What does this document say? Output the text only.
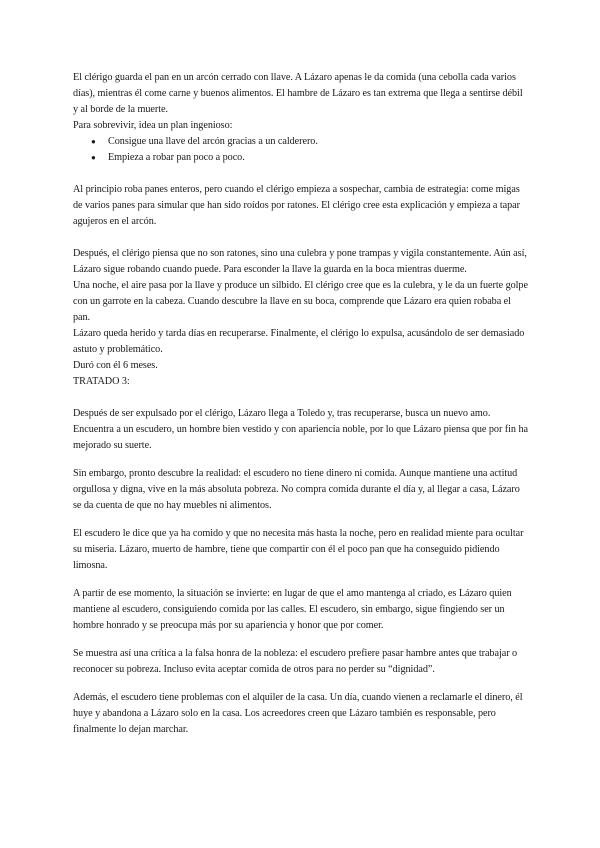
El clérigo guarda el pan en un arcón cerrado con llave. A Lázaro apenas le da comida (una cebolla cada varios días), mientras él come carne y buenos alimentos. El hambre de Lázaro es tan extrema que llega a sentirse débil y al borde de la muerte.

Para sobrevivir, idea un plan ingenioso:

● Consigue una llave del arcón gracias a un calderero.
● Empieza a robar pan poco a poco.

Al principio roba panes enteros, pero cuando el clérigo empieza a sospechar, cambia de estrategia: come migas de varios panes para simular que han sido roídos por ratones. El clérigo cree esta explicación y empieza a tapar agujeros en el arcón.

Después, el clérigo piensa que no son ratones, sino una culebra y pone trampas y vigila constantemente. Aún así, Lázaro sigue robando cuando puede. Para esconder la llave la guarda en la boca mientras duerme.

Una noche, el aire pasa por la llave y produce un silbido. El clérigo cree que es la culebra, y le da un fuerte golpe con un garrote en la cabeza. Cuando descubre la llave en su boca, comprende que Lázaro era quien robaba el pan.

Lázaro queda herido y tarda días en recuperarse. Finalmente, el clérigo lo expulsa, acusándolo de ser demasiado astuto y problemático.

Duró con él 6 meses.

TRATADO 3:

Después de ser expulsado por el clérigo, Lázaro llega a Toledo y, tras recuperarse, busca un nuevo amo. Encuentra a un escudero, un hombre bien vestido y con apariencia noble, por lo que Lázaro piensa que por fin ha mejorado su suerte.

Sin embargo, pronto descubre la realidad: el escudero no tiene dinero ni comida. Aunque mantiene una actitud orgullosa y digna, vive en la más absoluta pobreza. No compra comida durante el día y, al llegar a casa, Lázaro se da cuenta de que no hay muebles ni alimentos.

El escudero le dice que ya ha comido y que no necesita más hasta la noche, pero en realidad miente para ocultar su miseria. Lázaro, muerto de hambre, tiene que compartir con él el poco pan que ha conseguido pidiendo limosna.

A partir de ese momento, la situación se invierte: en lugar de que el amo mantenga al criado, es Lázaro quien mantiene al escudero, consiguiendo comida por las calles. El escudero, sin embargo, sigue fingiendo ser un hombre honrado y se preocupa más por su apariencia y honor que por comer.

Se muestra así una crítica a la falsa honra de la nobleza: el escudero prefiere pasar hambre antes que trabajar o reconocer su pobreza. Incluso evita aceptar comida de otros para no perder su “dignidad”.

Además, el escudero tiene problemas con el alquiler de la casa. Un día, cuando vienen a reclamarle el dinero, él huye y abandona a Lázaro solo en la casa. Los acreedores creen que Lázaro también es responsable, pero finalmente lo dejan marchar.
